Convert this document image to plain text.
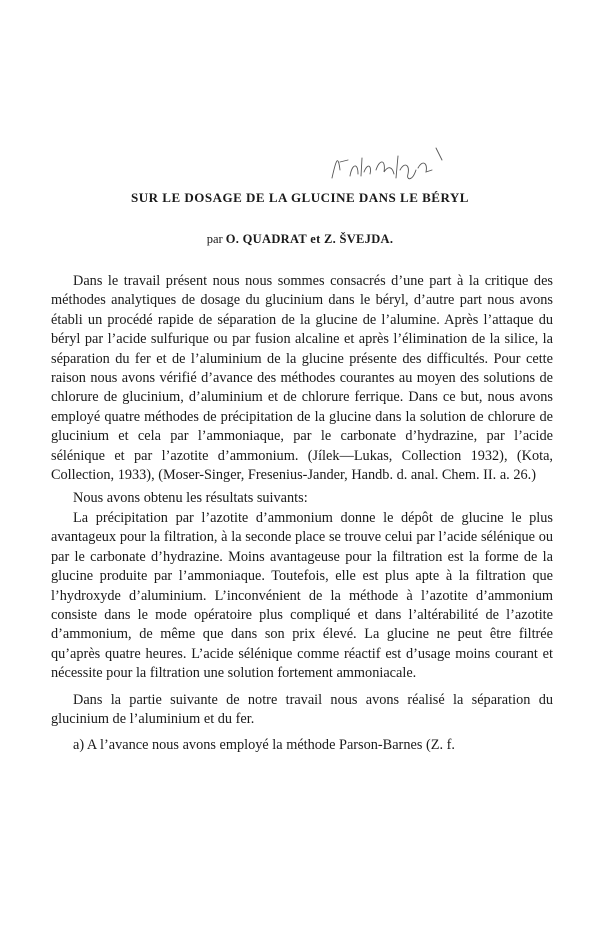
SUR LE DOSAGE DE LA GLUCINE DANS LE BÉRYL

par O. QUADRAT et Z. ŠVEJDA.

Dans le travail présent nous nous sommes consacrés d’une part à la critique des méthodes analytiques de dosage du glucinium dans le béryl, d’autre part nous avons établi un procédé rapide de séparation de la glucine de l’alumine. Après l’attaque du béryl par l’acide sulfurique ou par fusion alcaline et après l’élimination de la silice, la séparation du fer et de l’aluminium de la glucine présente des difficultés. Pour cette raison nous avons vérifié d’avance des méthodes courantes au moyen des solutions de chlorure de glucinium, d’aluminium et de chlorure ferrique. Dans ce but, nous avons employé quatre méthodes de précipitation de la glucine dans la solution de chlorure de glucinium et cela par l’ammoniaque, par le carbonate d’hydrazine, par l’acide sélénique et par l’azotite d’ammonium. (Jílek—Lukas, Collection 1932), (Kota, Collection, 1933), (Moser-Singer, Fresenius-Jander, Handb. d. anal. Chem. II. a. 26.)

Nous avons obtenu les résultats suivants:

La précipitation par l’azotite d’ammonium donne le dépôt de glucine le plus avantageux pour la filtration, à la seconde place se trouve celui par l’acide sélénique ou par le carbonate d’hydrazine. Moins avantageuse pour la filtration est la forme de la glucine produite par l’ammoniaque. Toutefois, elle est plus apte à la filtration que l’hydroxyde d’aluminium. L’inconvénient de la méthode à l’azotite d’ammonium consiste dans le mode opératoire plus compliqué et dans l’altérabilité de l’azotite d’ammonium, de même que dans son prix élevé. La glucine ne peut être filtrée qu’après quatre heures. L’acide sélénique comme réactif est d’usage moins courant et nécessite pour la filtration une solution fortement ammoniacale.

Dans la partie suivante de notre travail nous avons réalisé la séparation du glucinium de l’aluminium et du fer.

a) A l’avance nous avons employé la méthode Parson-Barnes (Z. f.
